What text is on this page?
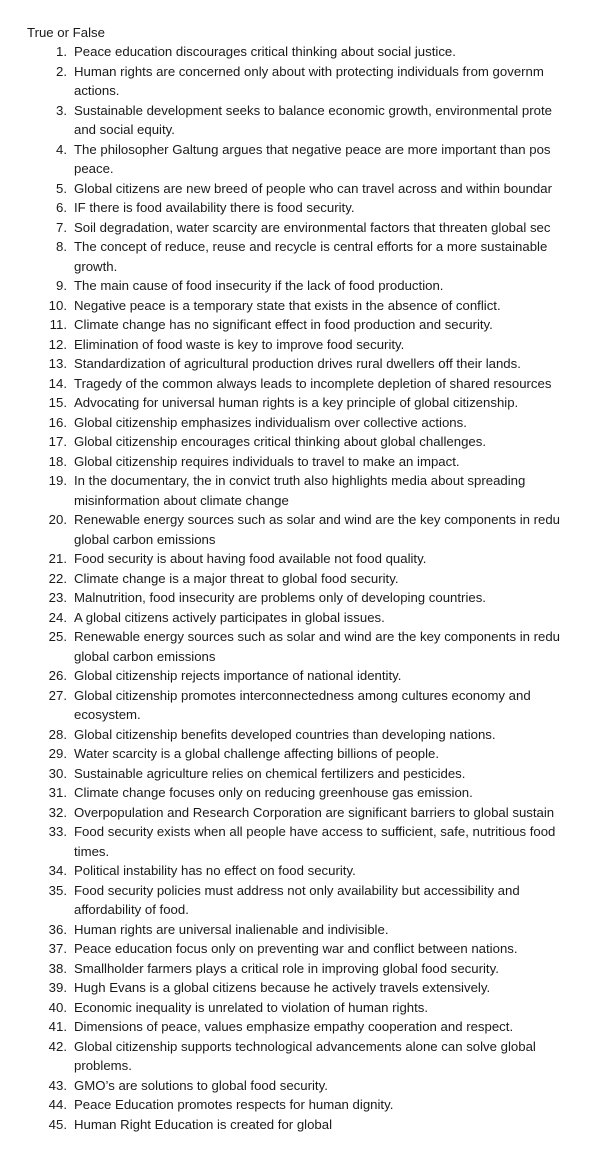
True or False
1. Peace education discourages critical thinking about social justice.
2. Human rights are concerned only about with protecting individuals from governm
actions.
3. Sustainable development seeks to balance economic growth, environmental prote
and social equity.
4. The philosopher Galtung argues that negative peace are more important than pos
peace.
5. Global citizens are new breed of people who can travel across and within boundar
6. IF there is food availability there is food security.
7. Soil degradation, water scarcity are environmental factors that threaten global sec
8. The concept of reduce, reuse and recycle is central efforts for a more sustainable
growth.
9. The main cause of food insecurity if the lack of food production.
10. Negative peace is a temporary state that exists in the absence of conflict.
11. Climate change has no significant effect in food production and security.
12. Elimination of food waste is key to improve food security.
13. Standardization of agricultural production drives rural dwellers off their lands.
14. Tragedy of the common always leads to incomplete depletion of shared resources
15. Advocating for universal human rights is a key principle of global citizenship.
16. Global citizenship emphasizes individualism over collective actions.
17. Global citizenship encourages critical thinking about global challenges.
18. Global citizenship requires individuals to travel to make an impact.
19. In the documentary, the in convict truth also highlights media about spreading
misinformation about climate change
20. Renewable energy sources such as solar and wind are the key components in redu
global carbon emissions
21. Food security is about having food available not food quality.
22. Climate change is a major threat to global food security.
23. Malnutrition, food insecurity are problems only of developing countries.
24. A global citizens actively participates in global issues.
25. Renewable energy sources such as solar and wind are the key components in redu
global carbon emissions
26. Global citizenship rejects importance of national identity.
27. Global citizenship promotes interconnectedness among cultures economy and
ecosystem.
28. Global citizenship benefits developed countries than developing nations.
29. Water scarcity is a global challenge affecting billions of people.
30. Sustainable agriculture relies on chemical fertilizers and pesticides.
31. Climate change focuses only on reducing greenhouse gas emission.
32. Overpopulation and Research Corporation are significant barriers to global sustain
33. Food security exists when all people have access to sufficient, safe, nutritious food
times.
34. Political instability has no effect on food security.
35. Food security policies must address not only availability but accessibility and
affordability of food.
36. Human rights are universal inalienable and indivisible.
37. Peace education focus only on preventing war and conflict between nations.
38. Smallholder farmers plays a critical role in improving global food security.
39. Hugh Evans is a global citizens because he actively travels extensively.
40. Economic inequality is unrelated to violation of human rights.
41. Dimensions of peace, values emphasize empathy cooperation and respect.
42. Global citizenship supports technological advancements alone can solve global
problems.
43. GMO’s are solutions to global food security.
44. Peace Education promotes respects for human dignity.
45. Human Right Education is created for global
